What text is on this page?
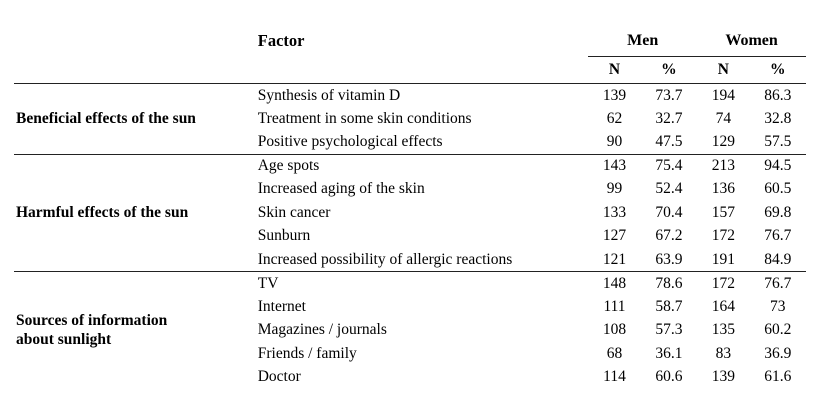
	Factor	Men		Women	
		N	%	N	%
Beneficial effects of the sun	Synthesis of vitamin D	139	73.7	194	86.3
	Treatment in some skin conditions	62	32.7	74	32.8
	Positive psychological effects	90	47.5	129	57.5
Harmful effects of the sun	Age spots	143	75.4	213	94.5
	Increased aging of the skin	99	52.4	136	60.5
	Skin cancer	133	70.4	157	69.8
	Sunburn	127	67.2	172	76.7
	Increased possibility of allergic reactions	121	63.9	191	84.9
Sources of information
about sunlight	TV	148	78.6	172	76.7
	Internet	111	58.7	164	73
	Magazines / journals	108	57.3	135	60.2
	Friends / family	68	36.1	83	36.9
	Doctor	114	60.6	139	61.6
